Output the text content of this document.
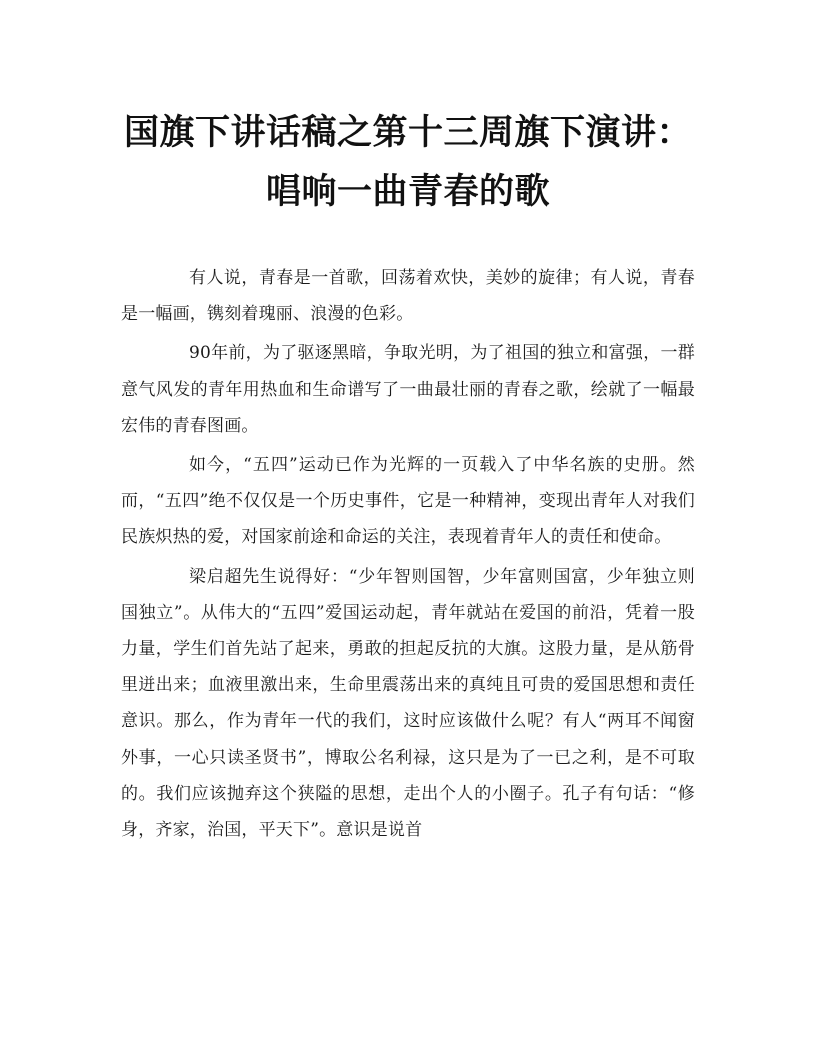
国旗下讲话稿之第十三周旗下演讲：唱响一曲青春的歌

有人说，青春是一首歌，回荡着欢快，美妙的旋律；有人说，青春是一幅画，镌刻着瑰丽、浪漫的色彩。

90年前，为了驱逐黑暗，争取光明，为了祖国的独立和富强，一群意气风发的青年用热血和生命谱写了一曲最壮丽的青春之歌，绘就了一幅最宏伟的青春图画。

如今，“五四”运动已作为光辉的一页载入了中华名族的史册。然而，“五四”绝不仅仅是一个历史事件，它是一种精神，变现出青年人对我们民族炽热的爱，对国家前途和命运的关注，表现着青年人的责任和使命。

梁启超先生说得好：“少年智则国智，少年富则国富，少年独立则国独立”。从伟大的“五四”爱国运动起，青年就站在爱国的前沿，凭着一股力量，学生们首先站了起来，勇敢的担起反抗的大旗。这股力量，是从筋骨里迸出来；血液里激出来，生命里震荡出来的真纯且可贵的爱国思想和责任意识。那么，作为青年一代的我们，这时应该做什么呢？有人“两耳不闻窗外事，一心只读圣贤书”，博取公名利禄，这只是为了一已之利，是不可取的。我们应该抛弃这个狭隘的思想，走出个人的小圈子。孔子有句话：“修身，齐家，治国，平天下”。意识是说首
